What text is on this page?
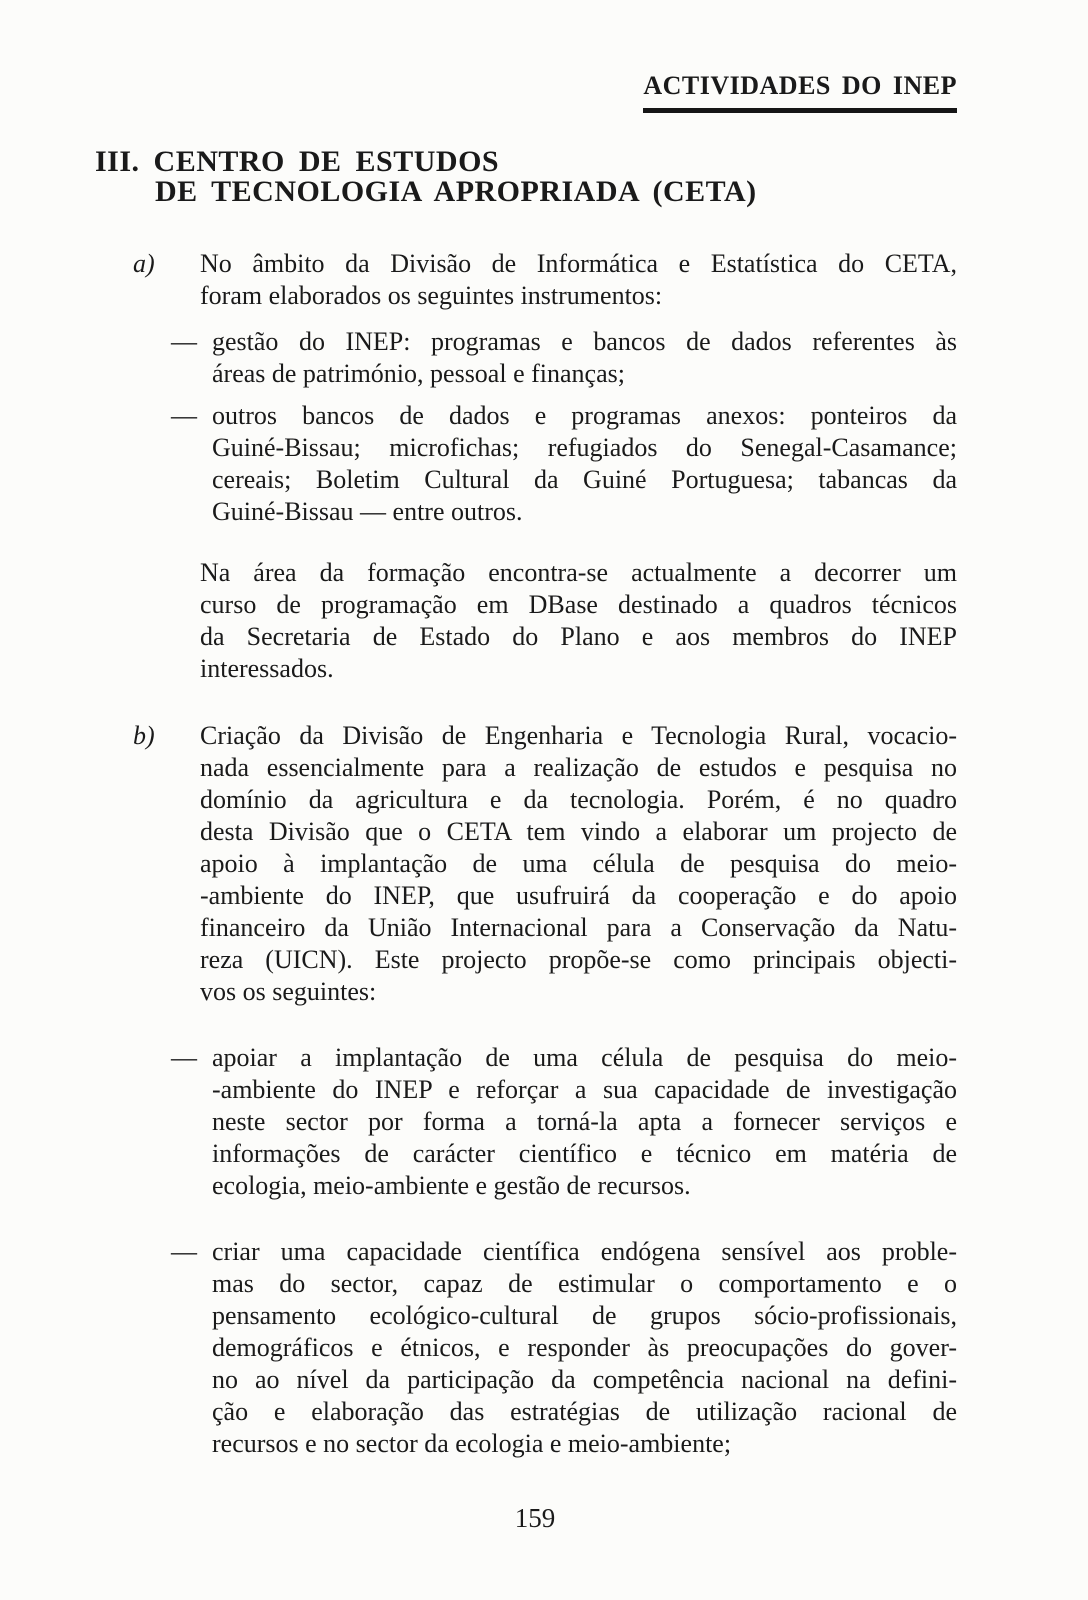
ACTIVIDADES DO INEP
III. CENTRO DE ESTUDOS
DE TECNOLOGIA APROPRIADA (CETA)
a) No âmbito da Divisão de Informática e Estatística do CETA,
foram elaborados os seguintes instrumentos:
— gestão do INEP: programas e bancos de dados referentes às
áreas de património, pessoal e finanças;
— outros bancos de dados e programas anexos: ponteiros da
Guiné-Bissau; microfichas; refugiados do Senegal-Casamance;
cereais; Boletim Cultural da Guiné Portuguesa; tabancas da
Guiné-Bissau — entre outros.
Na área da formação encontra-se actualmente a decorrer um
curso de programação em DBase destinado a quadros técnicos
da Secretaria de Estado do Plano e aos membros do INEP
interessados.
b) Criação da Divisão de Engenharia e Tecnologia Rural, vocacio-
nada essencialmente para a realização de estudos e pesquisa no
domínio da agricultura e da tecnologia. Porém, é no quadro
desta Divisão que o CETA tem vindo a elaborar um projecto de
apoio à implantação de uma célula de pesquisa do meio-
-ambiente do INEP, que usufruirá da cooperação e do apoio
financeiro da União Internacional para a Conservação da Natu-
reza (UICN). Este projecto propõe-se como principais objecti-
vos os seguintes:
— apoiar a implantação de uma célula de pesquisa do meio-
-ambiente do INEP e reforçar a sua capacidade de investigação
neste sector por forma a torná-la apta a fornecer serviços e
informações de carácter científico e técnico em matéria de
ecologia, meio-ambiente e gestão de recursos.
— criar uma capacidade científica endógena sensível aos proble-
mas do sector, capaz de estimular o comportamento e o
pensamento ecológico-cultural de grupos sócio-profissionais,
demográficos e étnicos, e responder às preocupações do gover-
no ao nível da participação da competência nacional na defini-
ção e elaboração das estratégias de utilização racional de
recursos e no sector da ecologia e meio-ambiente;
159
